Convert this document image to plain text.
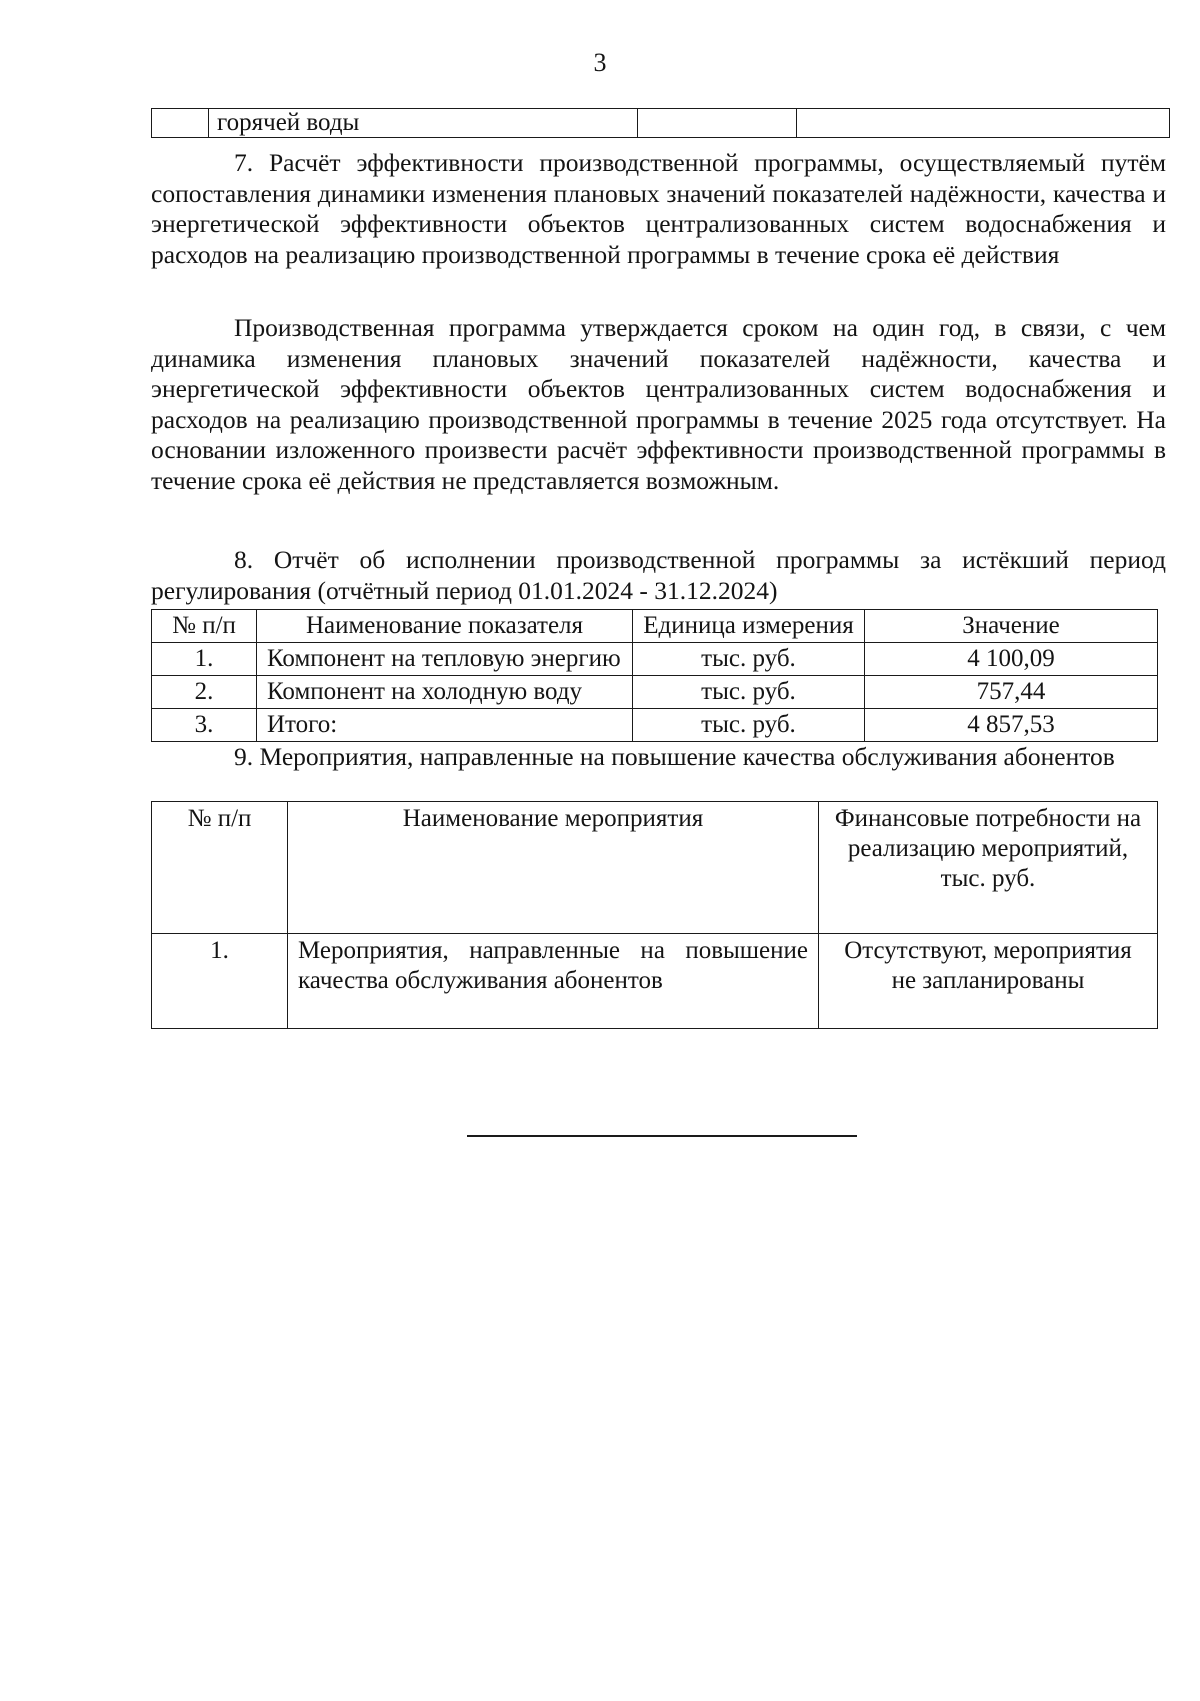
3
	горячей воды		

7. Расчёт эффективности производственной программы, осуществляемый путём сопоставления динамики изменения плановых значений показателей надёжности, качества и энергетической эффективности объектов централизованных систем водоснабжения и расходов на реализацию производственной программы в течение срока её действия

Производственная программа утверждается сроком на один год, в связи, с чем динамика изменения плановых значений показателей надёжности, качества и энергетической эффективности объектов централизованных систем водоснабжения и расходов на реализацию производственной программы в течение 2025 года отсутствует. На основании изложенного произвести расчёт эффективности производственной программы в течение срока её действия не представляется возможным.

8. Отчёт об исполнении производственной программы за истёкший период регулирования (отчётный период 01.01.2024 - 31.12.2024)

№ п/п	Наименование показателя	Единица измерения	Значение
1.	Компонент на тепловую энергию	тыс. руб.	4 100,09
2.	Компонент на холодную воду	тыс. руб.	757,44
3.	Итого:	тыс. руб.	4 857,53

9. Мероприятия, направленные на повышение качества обслуживания абонентов

№ п/п	Наименование мероприятия	Финансовые потребности на реализацию мероприятий, тыс. руб.
1.	Мероприятия, направленные на повышение качества обслуживания абонентов	Отсутствуют, мероприятия не запланированы
